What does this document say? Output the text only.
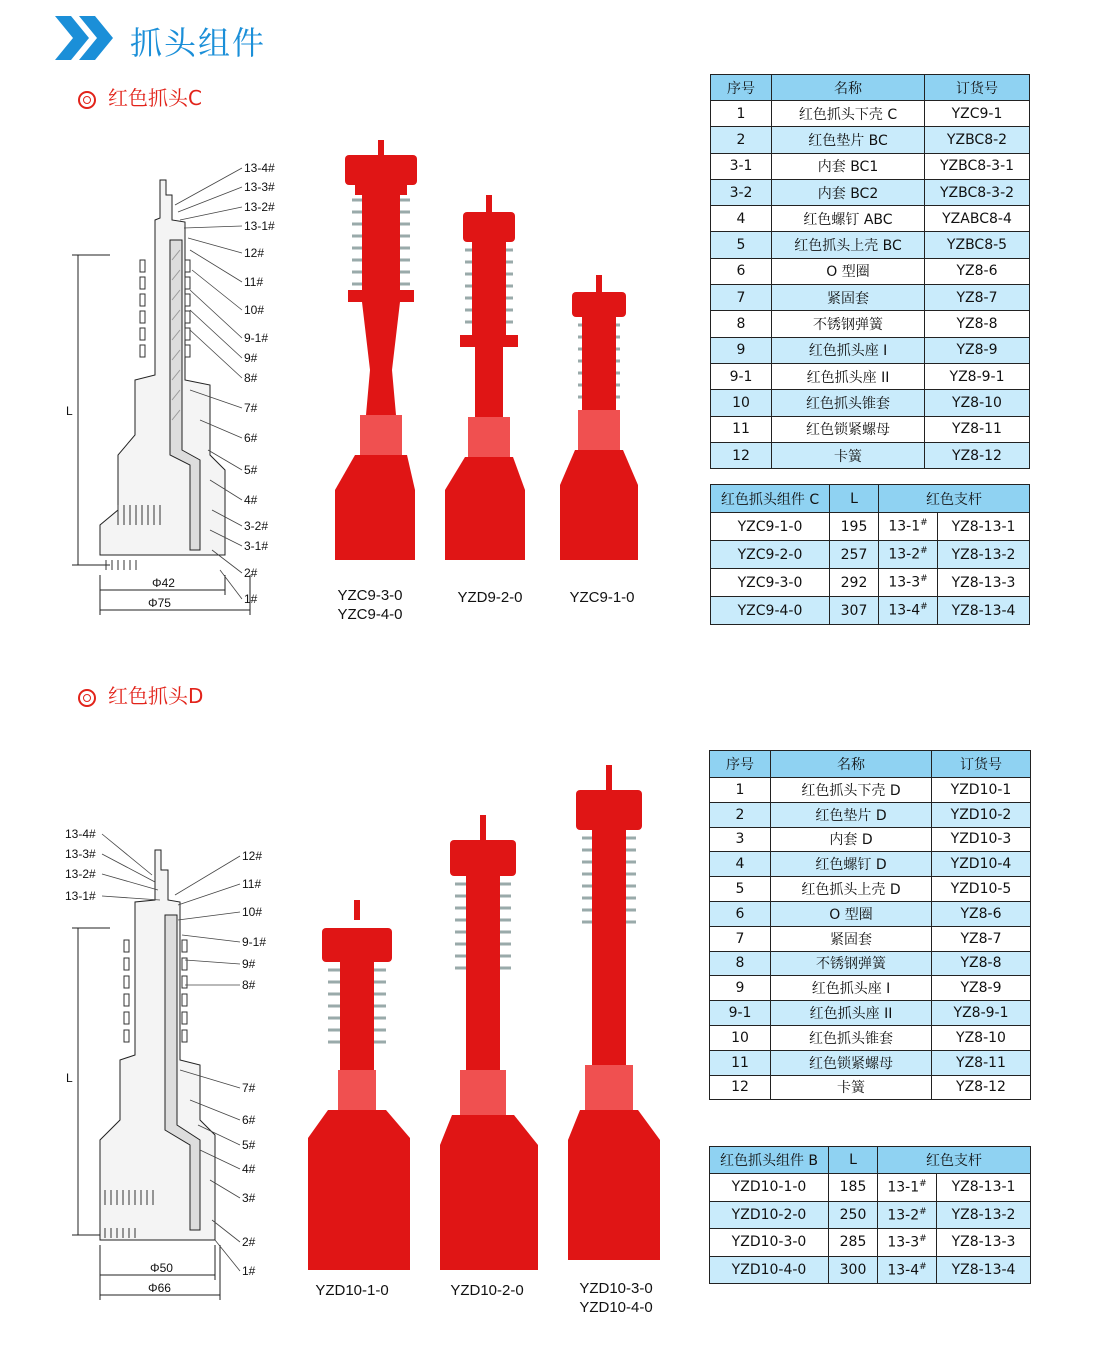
抓头组件
红色抓头C
13-4#
13-3#
13-2#
13-1#
12#
11#
10#
9-1#
9#
8#
7#
6#
5#
4#
3-2#
3-1#
2#
1#
L
Φ42
Φ75	YZC9-3-0
YZC9-4-0
YZD9-2-0	YZC9-1-0
序号	名称	订货号
1	红色抓头下壳 C	YZC9-1
2	红色垫片 BC	YZBC8-2
3-1	内套 BC1	YZBC8-3-1
3-2	内套 BC2	YZBC8-3-2
4	红色螺钉 ABC	YZABC8-4
5	红色抓头上壳 BC	YZBC8-5
6	O 型圈	YZ8-6
7	紧固套	YZ8-7
8	不锈钢弹簧	YZ8-8
9	红色抓头座 I	YZ8-9
9-1	红色抓头座 II	YZ8-9-1
10	红色抓头锥套	YZ8-10
11	红色锁紧螺母	YZ8-11
12	卡簧	YZ8-12
红色抓头组件 C	L	红色支杆	
YZC9-1-0	195	13-1#	YZ8-13-1
YZC9-2-0	257	13-2#	YZ8-13-2
YZC9-3-0	292	13-3#	YZ8-13-3
YZC9-4-0	307	13-4#	YZ8-13-4
红色抓头D
13-4#
13-3#
13-2#
13-1#
12#
11#
10#
9-1#
9#
8#
7#
6#
5#
4#
3#
2#
1#
L
Φ50
Φ66	YZD10-1-0	YZD10-2-0	YZD10-3-0
YZD10-4-0
序号	名称	订货号
1	红色抓头下壳 D	YZD10-1
2	红色垫片 D	YZD10-2
3	内套 D	YZD10-3
4	红色螺钉 D	YZD10-4
5	红色抓头上壳 D	YZD10-5
6	O 型圈	YZ8-6
7	紧固套	YZ8-7
8	不锈钢弹簧	YZ8-8
9	红色抓头座 I	YZ8-9
9-1	红色抓头座 II	YZ8-9-1
10	红色抓头锥套	YZ8-10
11	红色锁紧螺母	YZ8-11
12	卡簧	YZ8-12
红色抓头组件 B	L	红色支杆	
YZD10-1-0	185	13-1#	YZ8-13-1
YZD10-2-0	250	13-2#	YZ8-13-2
YZD10-3-0	285	13-3#	YZ8-13-3
YZD10-4-0	300	13-4#	YZ8-13-4
